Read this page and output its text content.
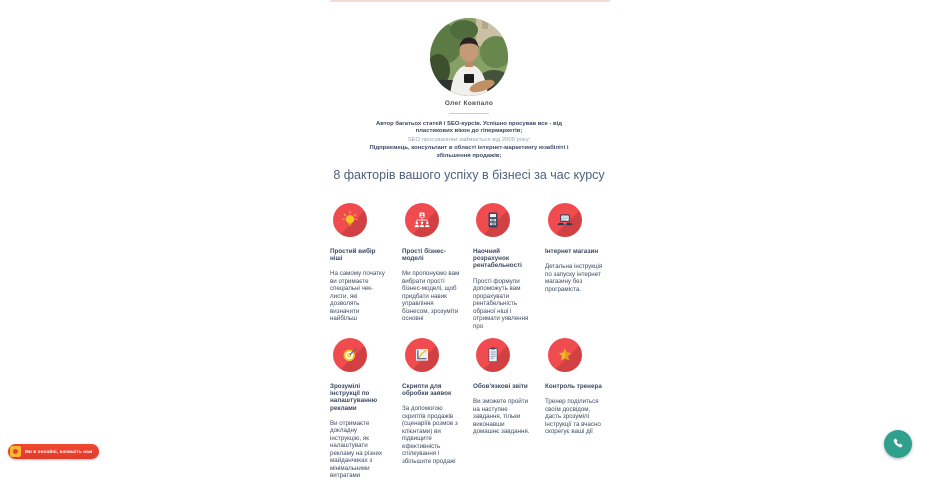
Олег Ковпало

Автор багатьох статей і SEO-курсів. Успішно просував все - від пластикових вікон до гіпермаркетів;

SEO просуванням займається від 2009 року;

Підприємець, консультант в області інтернет-маркетингу юзабіліті і збільшення продажів;

8 факторів вашого успіху в бізнесі за час курсу
Простий вибір ніші
На самому початку ви отримаєте спеціальні чек-листи, які дозволять визначити найбільш
Прості бізнес-моделі
Ми пропонуємо вам вибрати прості бізнес-моделі, щоб придбати навик управління бізнесом, зрозуміти основні
Наочний розрахунок рентабельності
Прості формули допоможуть вам прорахувати рентабельність обраної ніші і отримати уявлення про
Інтернет магазин
Детальна інструкція по запуску інтернет магазину без програміста.
Зрозумілі інструкції по налаштуванню реклами
Ви отримаєте докладну інструкцію, як налаштувати рекламу на різних майданчиках з мінімальними витратами
Скрипти для обробки заявок
За допомогою скриптів продажів (сценаріїв розмов з клієнтами) ви підвищите ефективність спілкування і збільшите продажі
Обов'язкові звіти
Ви зможете пройти на наступне завдання, тільки виконавши домашнє завдання.
Контроль тренера
Тренер поділиться своїм досвідом, дасть зрозумілі інструкції та вчасно скорегує ваші дії
Ми в онлайні, напишіть нам
